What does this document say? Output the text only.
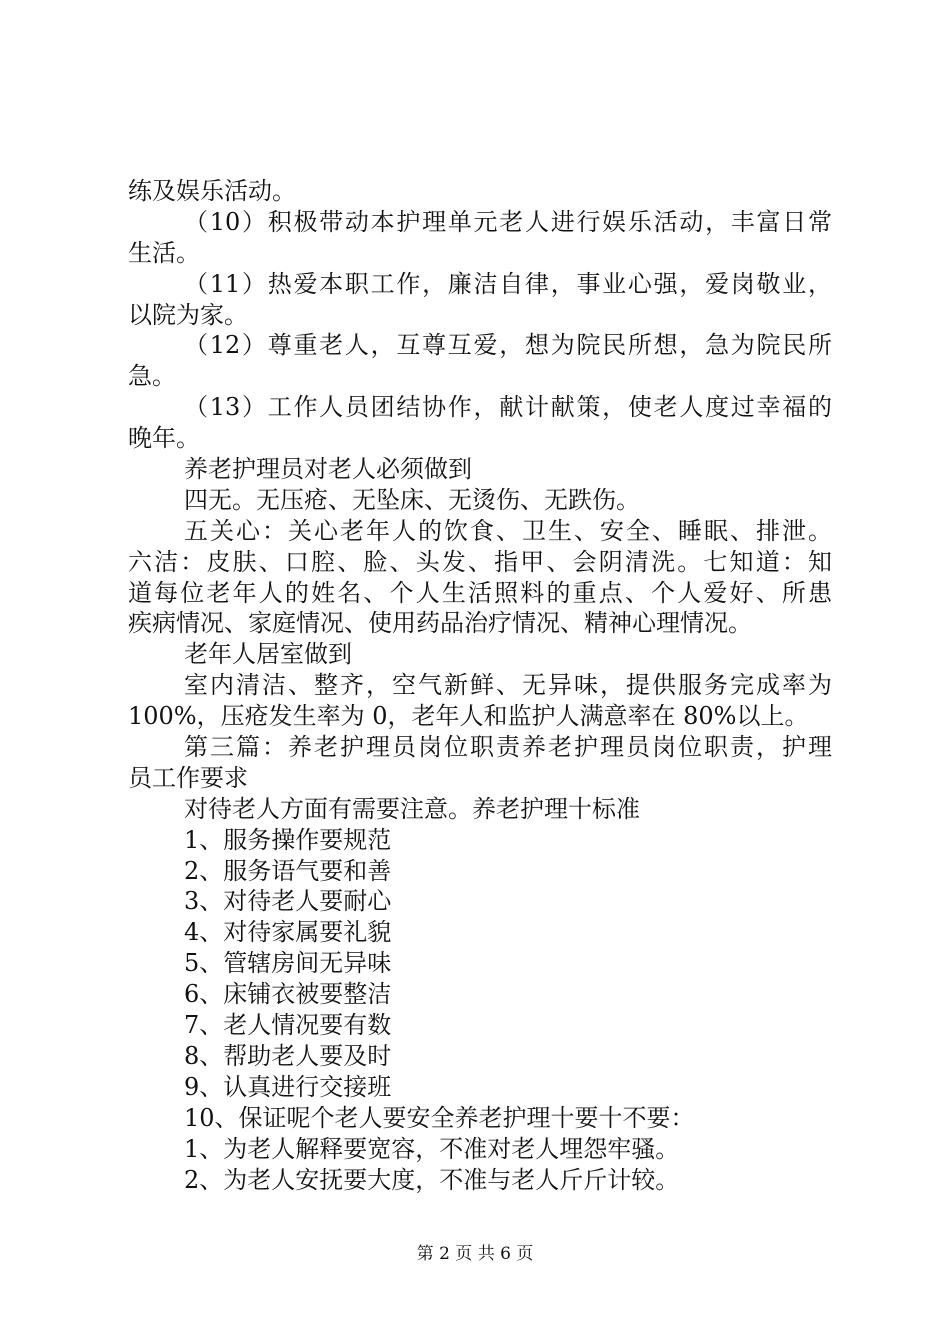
练及娱乐活动。
（10）积极带动本护理单元老人进行娱乐活动，丰富日常
生活。
（11）热爱本职工作，廉洁自律，事业心强，爱岗敬业，
以院为家。
（12）尊重老人，互尊互爱，想为院民所想，急为院民所
急。
（13）工作人员团结协作，献计献策，使老人度过幸福的
晚年。
养老护理员对老人必须做到
四无。无压疮、无坠床、无烫伤、无跌伤。
五关心：关心老年人的饮食、卫生、安全、睡眠、排泄。
六洁：皮肤、口腔、脸、头发、指甲、会阴清洗。七知道：知
道每位老年人的姓名、个人生活照料的重点、个人爱好、所患
疾病情况、家庭情况、使用药品治疗情况、精神心理情况。
老年人居室做到
室内清洁、整齐，空气新鲜、无异味，提供服务完成率为
100%，压疮发生率为 0，老年人和监护人满意率在 80%以上。
第三篇：养老护理员岗位职责养老护理员岗位职责，护理
员工作要求
对待老人方面有需要注意。养老护理十标准
1、服务操作要规范
2、服务语气要和善
3、对待老人要耐心
4、对待家属要礼貌
5、管辖房间无异味
6、床铺衣被要整洁
7、老人情况要有数
8、帮助老人要及时
9、认真进行交接班
10、保证呢个老人要安全养老护理十要十不要：
1、为老人解释要宽容，不准对老人埋怨牢骚。
2、为老人安抚要大度，不准与老人斤斤计较。
第 2 页 共 6 页
